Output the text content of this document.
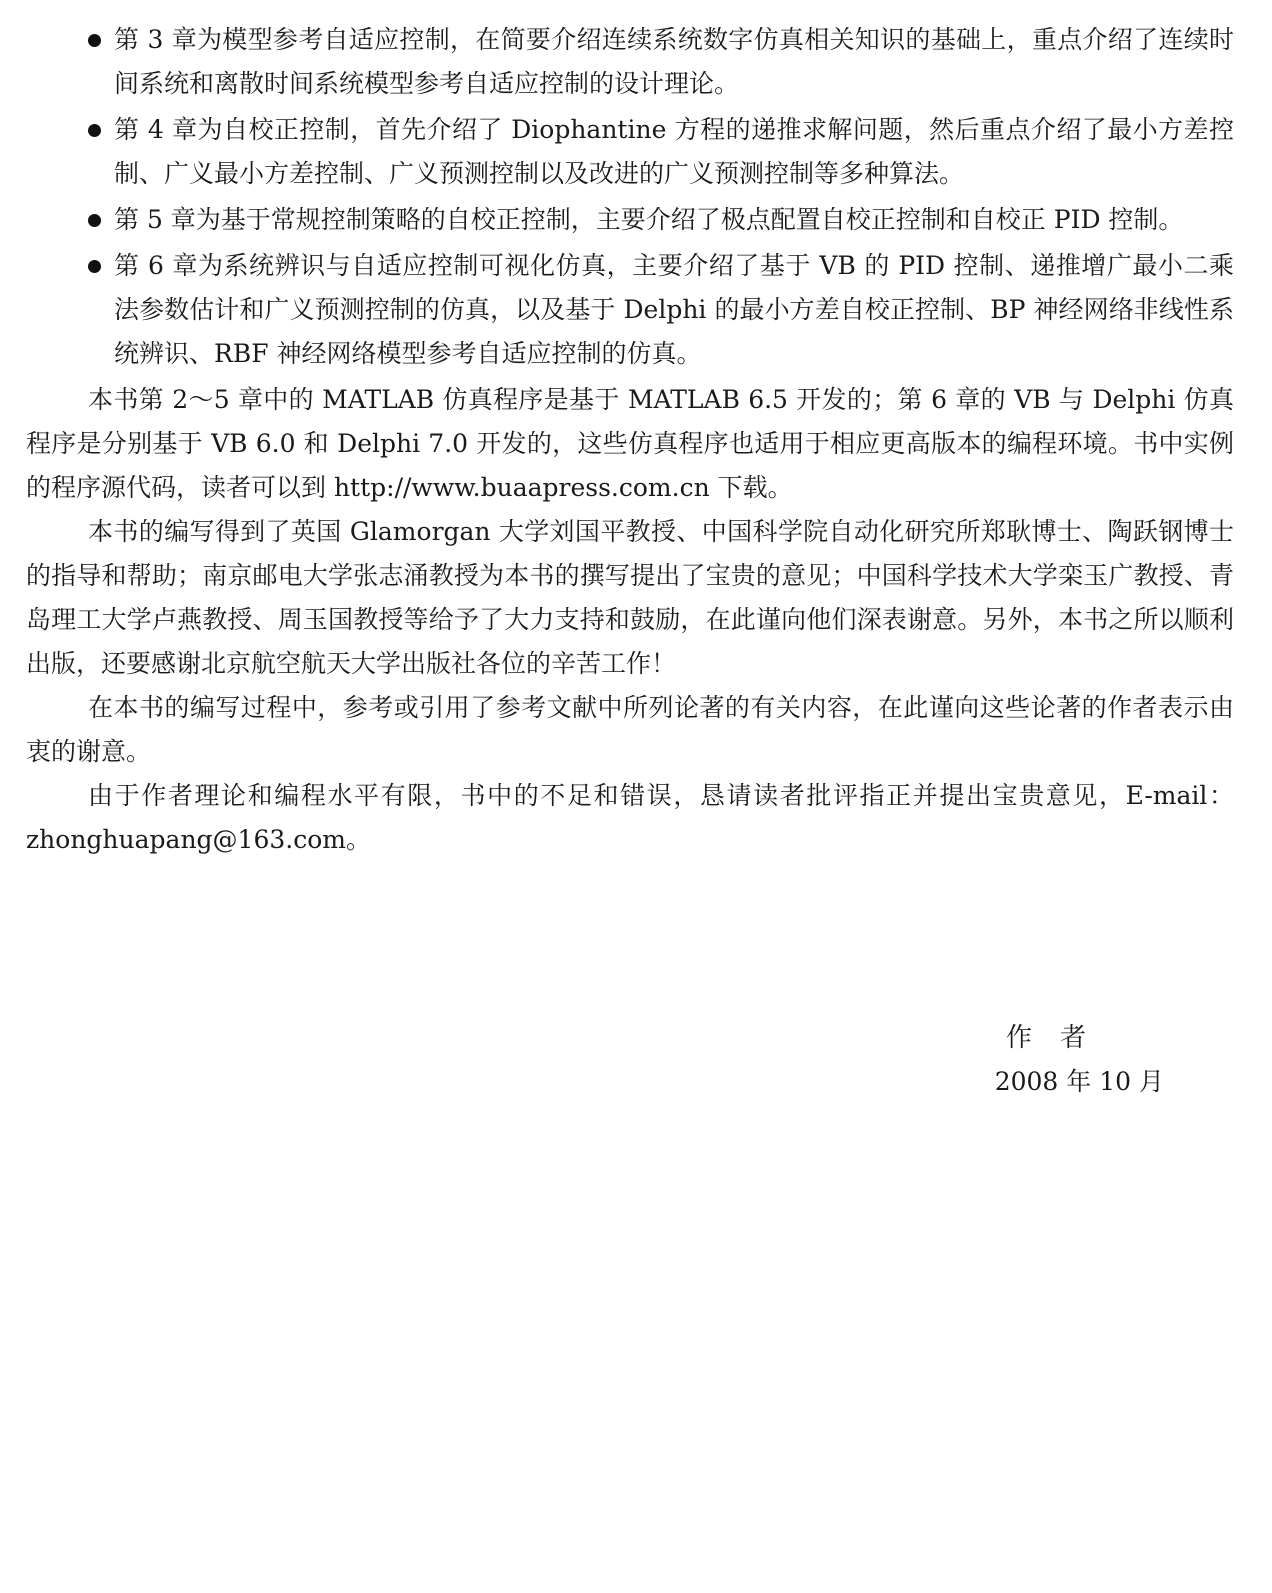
第 3 章为模型参考自适应控制，在简要介绍连续系统数字仿真相关知识的基础上，重点介绍了连续时间系统和离散时间系统模型参考自适应控制的设计理论。
第 4 章为自校正控制，首先介绍了 Diophantine 方程的递推求解问题，然后重点介绍了最小方差控制、广义最小方差控制、广义预测控制以及改进的广义预测控制等多种算法。
第 5 章为基于常规控制策略的自校正控制，主要介绍了极点配置自校正控制和自校正 PID 控制。
第 6 章为系统辨识与自适应控制可视化仿真，主要介绍了基于 VB 的 PID 控制、递推增广最小二乘法参数估计和广义预测控制的仿真，以及基于 Delphi 的最小方差自校正控制、BP 神经网络非线性系统辨识、RBF 神经网络模型参考自适应控制的仿真。

本书第 2～5 章中的 MATLAB 仿真程序是基于 MATLAB 6.5 开发的；第 6 章的 VB 与 Delphi 仿真程序是分别基于 VB 6.0 和 Delphi 7.0 开发的，这些仿真程序也适用于相应更高版本的编程环境。书中实例的程序源代码，读者可以到 http://www.buaapress.com.cn 下载。

本书的编写得到了英国 Glamorgan 大学刘国平教授、中国科学院自动化研究所郑耿博士、陶跃钢博士的指导和帮助；南京邮电大学张志涌教授为本书的撰写提出了宝贵的意见；中国科学技术大学栾玉广教授、青岛理工大学卢燕教授、周玉国教授等给予了大力支持和鼓励，在此谨向他们深表谢意。另外，本书之所以顺利出版，还要感谢北京航空航天大学出版社各位的辛苦工作！

在本书的编写过程中，参考或引用了参考文献中所列论著的有关内容，在此谨向这些论著的作者表示由衷的谢意。

由于作者理论和编程水平有限，书中的不足和错误，恳请读者批评指正并提出宝贵意见，E-mail：zhonghuapang@163.com。

作者
2008 年 10 月
